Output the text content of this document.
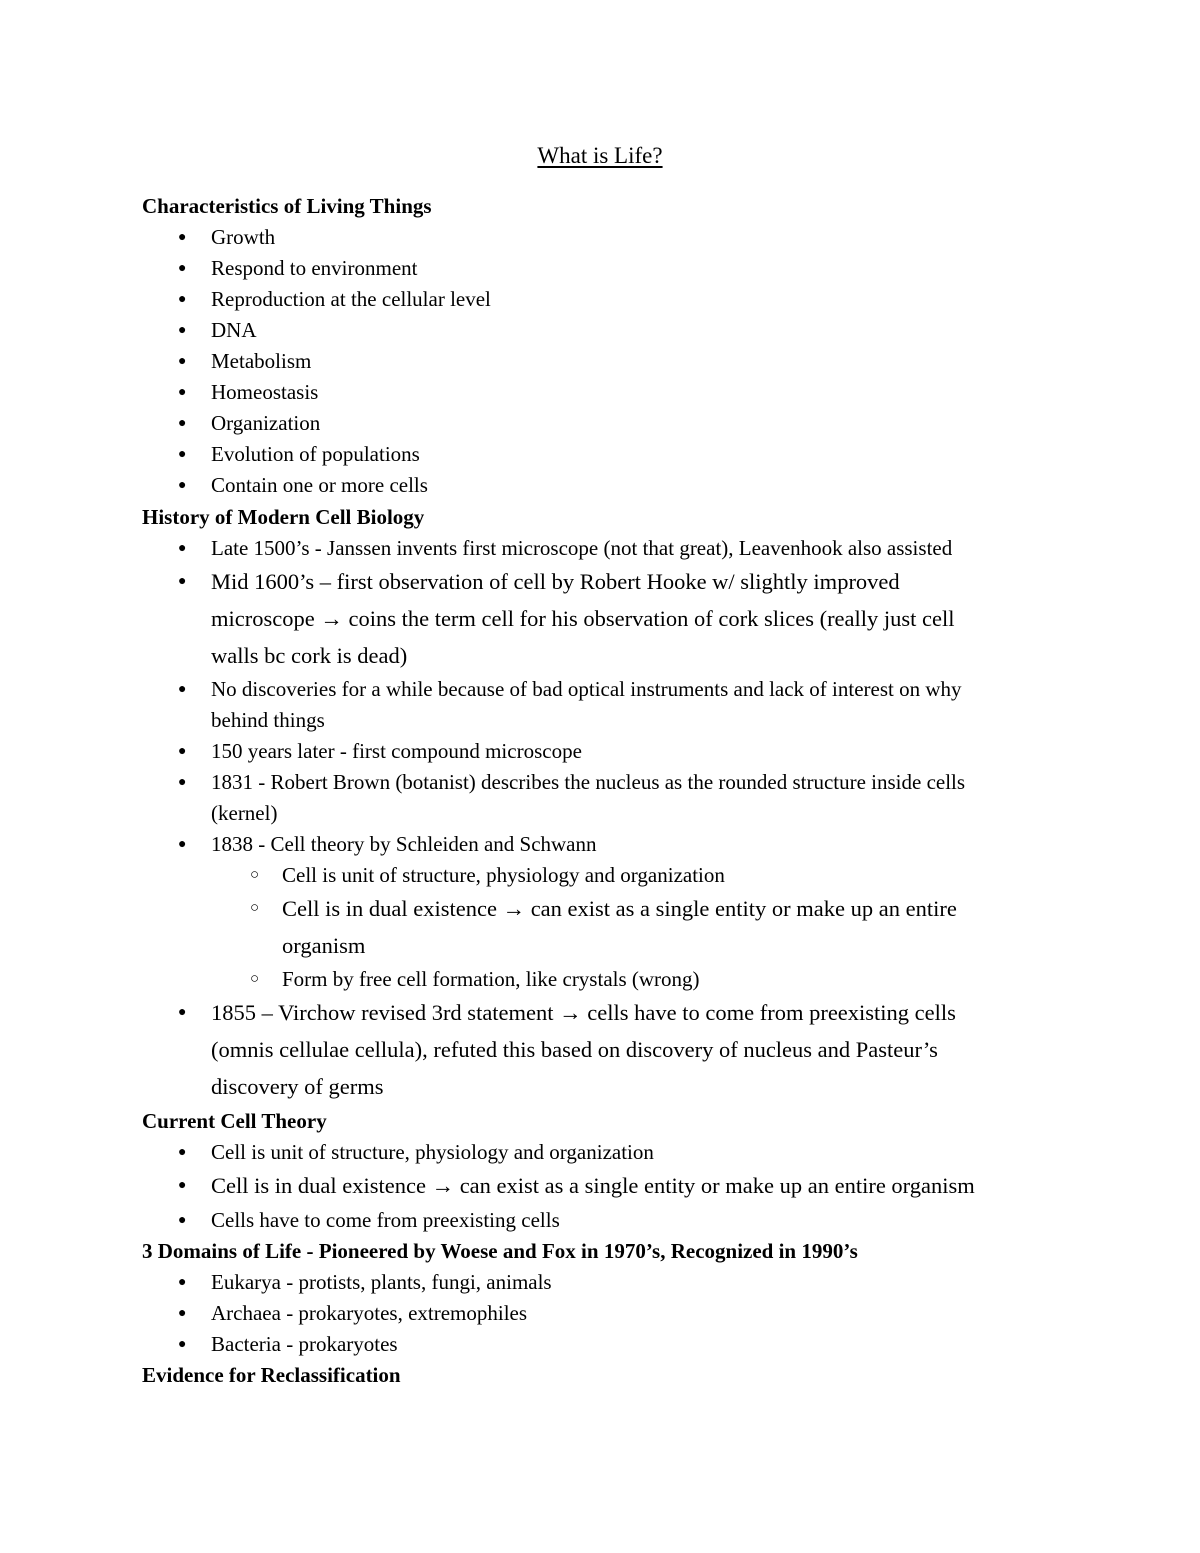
What is Life?
Characteristics of Living Things
● Growth
● Respond to environment
● Reproduction at the cellular level
● DNA
● Metabolism
● Homeostasis
● Organization
● Evolution of populations
● Contain one or more cells
History of Modern Cell Biology
● Late 1500’s - Janssen invents first microscope (not that great), Leavenhook also assisted
● Mid 1600’s – first observation of cell by Robert Hooke w/ slightly improved
microscope → coins the term cell for his observation of cork slices (really just cell
walls bc cork is dead)
● No discoveries for a while because of bad optical instruments and lack of interest on why
behind things
● 150 years later - first compound microscope
● 1831 - Robert Brown (botanist) describes the nucleus as the rounded structure inside cells
(kernel)
● 1838 - Cell theory by Schleiden and Schwann
○ Cell is unit of structure, physiology and organization
○ Cell is in dual existence → can exist as a single entity or make up an entire
organism
○ Form by free cell formation, like crystals (wrong)
● 1855 – Virchow revised 3rd statement → cells have to come from preexisting cells
(omnis cellulae cellula), refuted this based on discovery of nucleus and Pasteur’s
discovery of germs
Current Cell Theory
● Cell is unit of structure, physiology and organization
● Cell is in dual existence → can exist as a single entity or make up an entire organism
● Cells have to come from preexisting cells
3 Domains of Life - Pioneered by Woese and Fox in 1970’s, Recognized in 1990’s
● Eukarya - protists, plants, fungi, animals
● Archaea - prokaryotes, extremophiles
● Bacteria - prokaryotes
Evidence for Reclassification
